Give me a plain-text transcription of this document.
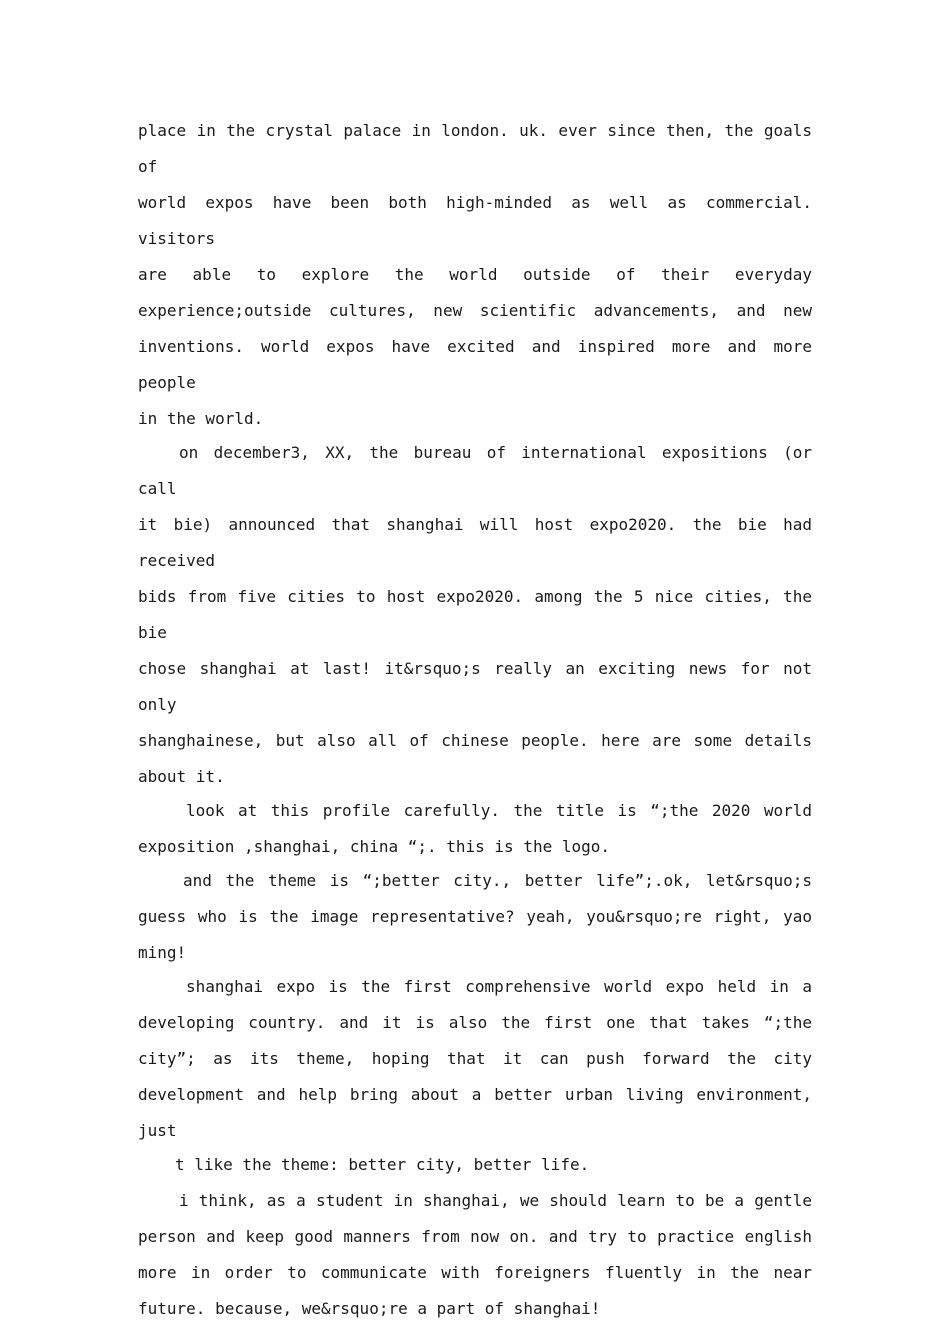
place in the crystal palace in london. uk. ever since then, the goals of

world expos have been both high-minded as well as commercial. visitors

are able to explore the world outside of their everyday

experience;outside cultures, new scientific advancements, and new

inventions. world expos have excited and inspired more and more people

in the world.

on december3, XX, the bureau of international expositions (or call

it bie) announced that shanghai will host expo2020. the bie had received

bids from five cities to host expo2020. among the 5 nice cities, the bie

chose shanghai at last! it&rsquo;s really an exciting news for not only

shanghainese, but also all of chinese people. here are some details

about it.

look at this profile carefully. the title is “;the 2020 world

exposition ,shanghai, china “;. this is the logo.

and the theme is “;better city., better life”;.ok, let&rsquo;s

guess who is the image representative? yeah, you&rsquo;re right, yao

ming!

shanghai expo is the first comprehensive world expo held in a

developing country. and it is also the first one that takes “;the

city”; as its theme, hoping that it can push forward the city

development and help bring about a better urban living environment, just

t like the theme: better city, better life.

i think, as a student in shanghai, we should learn to be a gentle

person and keep good manners from now on. and try to practice english

more in order to communicate with foreigners fluently in the near

future. because, we&rsquo;re a part of shanghai!
